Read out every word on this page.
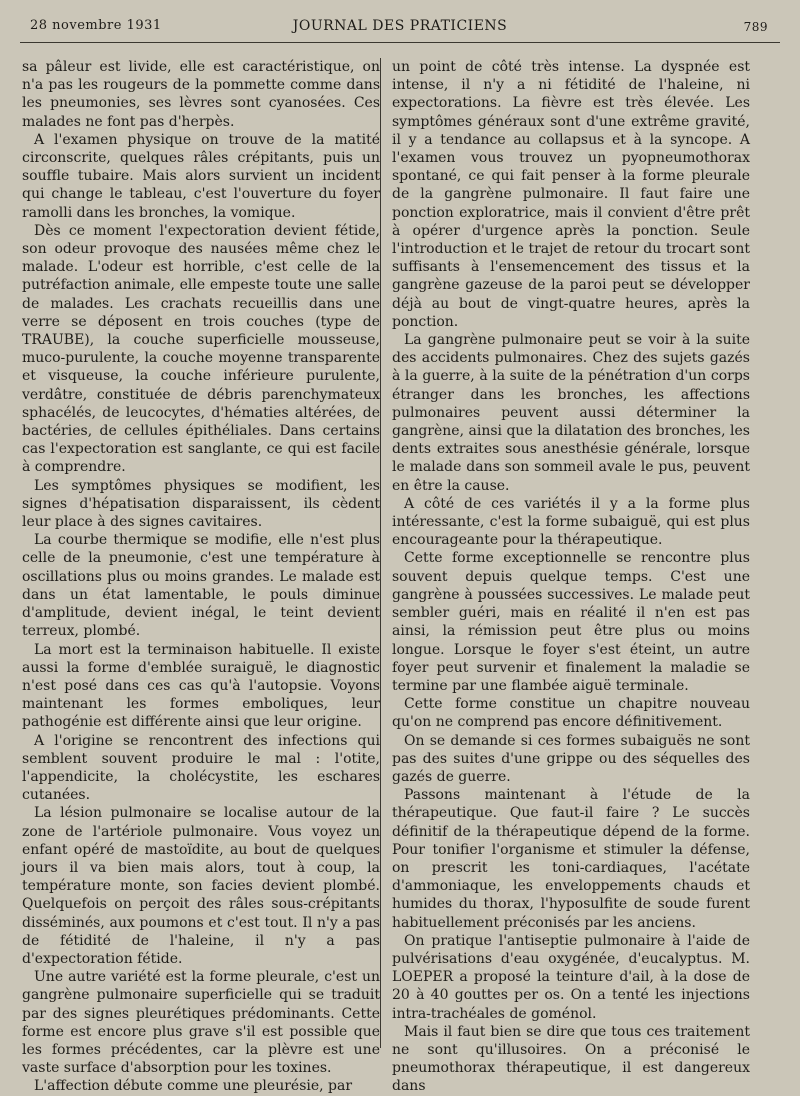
28 novembre 1931	JOURNAL DES PRATICIENS	789

sa pâleur est livide, elle est caractéristique, on n'a pas les rougeurs de la pommette comme dans les pneumonies, ses lèvres sont cyanosées. Ces malades ne font pas d'herpès.

A l'examen physique on trouve de la matité circonscrite, quelques râles crépitants, puis un souffle tubaire. Mais alors survient un incident qui change le tableau, c'est l'ouverture du foyer ramolli dans les bronches, la vomique.

Dès ce moment l'expectoration devient fétide, son odeur provoque des nausées même chez le malade. L'odeur est horrible, c'est celle de la putréfaction animale, elle empeste toute une salle de malades. Les crachats recueillis dans une verre se déposent en trois couches (type de TRAUBE), la couche superficielle mousseuse, muco-purulente, la couche moyenne transparente et visqueuse, la couche inférieure purulente, verdâtre, constituée de débris parenchymateux sphacélés, de leucocytes, d'hématies altérées, de bactéries, de cellules épithéliales. Dans certains cas l'expectoration est sanglante, ce qui est facile à comprendre.

Les symptômes physiques se modifient, les signes d'hépatisation disparaissent, ils cèdent leur place à des signes cavitaires.

La courbe thermique se modifie, elle n'est plus celle de la pneumonie, c'est une température à oscillations plus ou moins grandes. Le malade est dans un état lamentable, le pouls diminue d'amplitude, devient inégal, le teint devient terreux, plombé.

La mort est la terminaison habituelle. Il existe aussi la forme d'emblée suraiguë, le diagnostic n'est posé dans ces cas qu'à l'autopsie. Voyons maintenant les formes emboliques, leur pathogénie est différente ainsi que leur origine.

A l'origine se rencontrent des infections qui semblent souvent produire le mal : l'otite, l'appendicite, la cholécystite, les eschares cutanées.

La lésion pulmonaire se localise autour de la zone de l'artériole pulmonaire. Vous voyez un enfant opéré de mastoïdite, au bout de quelques jours il va bien mais alors, tout à coup, la température monte, son facies devient plombé. Quelquefois on perçoit des râles sous-crépitants disséminés, aux poumons et c'est tout. Il n'y a pas de fétidité de l'haleine, il n'y a pas d'expectoration fétide.

Une autre variété est la forme pleurale, c'est un gangrène pulmonaire superficielle qui se traduit par des signes pleurétiques prédominants. Cette forme est encore plus grave s'il est possible que les formes précédentes, car la plèvre est une vaste surface d'absorption pour les toxines.

L'affection débute comme une pleurésie, par

un point de côté très intense. La dyspnée est intense, il n'y a ni fétidité de l'haleine, ni expectorations. La fièvre est très élevée. Les symptômes généraux sont d'une extrême gravité, il y a tendance au collapsus et à la syncope. A l'examen vous trouvez un pyopneumothorax spontané, ce qui fait penser à la forme pleurale de la gangrène pulmonaire. Il faut faire une ponction exploratrice, mais il convient d'être prêt à opérer d'urgence après la ponction. Seule l'introduction et le trajet de retour du trocart sont suffisants à l'ensemencement des tissus et la gangrène gazeuse de la paroi peut se développer déjà au bout de vingt-quatre heures, après la ponction.

La gangrène pulmonaire peut se voir à la suite des accidents pulmonaires. Chez des sujets gazés à la guerre, à la suite de la pénétration d'un corps étranger dans les bronches, les affections pulmonaires peuvent aussi déterminer la gangrène, ainsi que la dilatation des bronches, les dents extraites sous anesthésie générale, lorsque le malade dans son sommeil avale le pus, peuvent en être la cause.

A côté de ces variétés il y a la forme plus intéressante, c'est la forme subaiguë, qui est plus encourageante pour la thérapeutique.

Cette forme exceptionnelle se rencontre plus souvent depuis quelque temps. C'est une gangrène à poussées successives. Le malade peut sembler guéri, mais en réalité il n'en est pas ainsi, la rémission peut être plus ou moins longue. Lorsque le foyer s'est éteint, un autre foyer peut survenir et finalement la maladie se termine par une flambée aiguë terminale.

Cette forme constitue un chapitre nouveau qu'on ne comprend pas encore définitivement.

On se demande si ces formes subaiguës ne sont pas des suites d'une grippe ou des séquelles des gazés de guerre.

Passons maintenant à l'étude de la thérapeutique. Que faut-il faire ? Le succès définitif de la thérapeutique dépend de la forme. Pour tonifier l'organisme et stimuler la défense, on prescrit les toni-cardiaques, l'acétate d'ammoniaque, les enveloppements chauds et humides du thorax, l'hyposulfite de soude furent habituellement préconisés par les anciens.

On pratique l'antiseptie pulmonaire à l'aide de pulvérisations d'eau oxygénée, d'eucalyptus. M. LOEPER a proposé la teinture d'ail, à la dose de 20 à 40 gouttes per os. On a tenté les injections intra-trachéales de goménol.

Mais il faut bien se dire que tous ces traitement ne sont qu'illusoires. On a préconisé le pneumothorax thérapeutique, il est dangereux dans
